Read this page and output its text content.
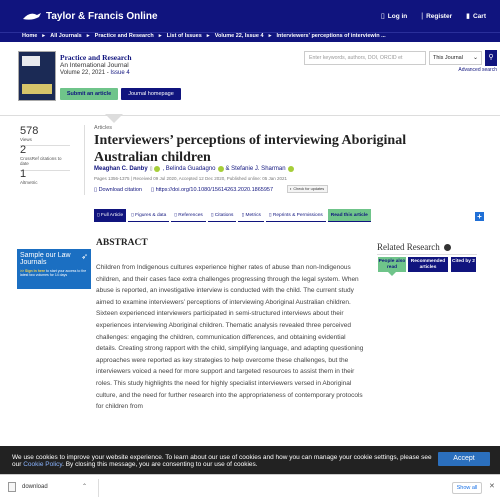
Taylor & Francis Online	▯ Log in | Register ▮ Cart
Home ► All Journals ► Practice and Research ► List of Issues ► Volume 22, Issue 4 ► Interviewers' perceptions of interviewin ...
Practice and Research
An International Journal
Volume 22, 2021 - Issue 4
Submit an article	Journal homepage
Enter keywords, authors, DOI, ORCID et	This Journal ⌄	⚲
Advanced search
578
Views
2
CrossRef citations to date
1
Altmetric
Articles
Interviewers’ perceptions of interviewing Aboriginal Australian children
Meaghan C. Danby ▯ , Belinda Guadagno & Stefanie J. Sharman
Pages 1356-1375 | Received 09 Jul 2020, Accepted 12 Dec 2020, Published online: 05 Jan 2021
▯ Download citation ▯ https://doi.org/10.1080/15614263.2020.1865957	◐ Check for updates
▯ Full Article	▯ Figures & data	▯ References	▯ Citations	▯ Metrics	▯ Reprints & Permissions	Read this article	+
Sample our Law Journals
>> Sign in here to start your access to the latest two volumes for 14 days
➶
ABSTRACT
Children from Indigenous cultures experience higher rates of abuse than non-Indigenous children, and their cases face extra challenges progressing through the legal system. When abuse is reported, an investigative interview is conducted with the child. The current study aimed to examine interviewers’ perceptions of interviewing Aboriginal Australian children. Sixteen experienced interviewers participated in semi-structured interviews about their experiences interviewing Aboriginal children. Thematic analysis revealed three perceived challenges: engaging the children, communication differences, and obtaining evidential details. Creating strong rapport with the child, simplifying language, and adapting questioning approaches were reported as key strategies to help overcome these challenges, but the interviewers voiced a need for more support and targeted resources to assist them in their roles. This study highlights the need for highly specialist interviewers versed in Aboriginal culture, and the need for further research into the appropriateness of contemporary protocols for children from
Related Research
People also read
Recommended articles
Cited by 2
We use cookies to improve your website experience. To learn about our use of cookies and how you can manage your cookie settings, please see our Cookie Policy. By closing this message, you are consenting to our use of cookies.
Accept
download	⌃	Show all	✕
